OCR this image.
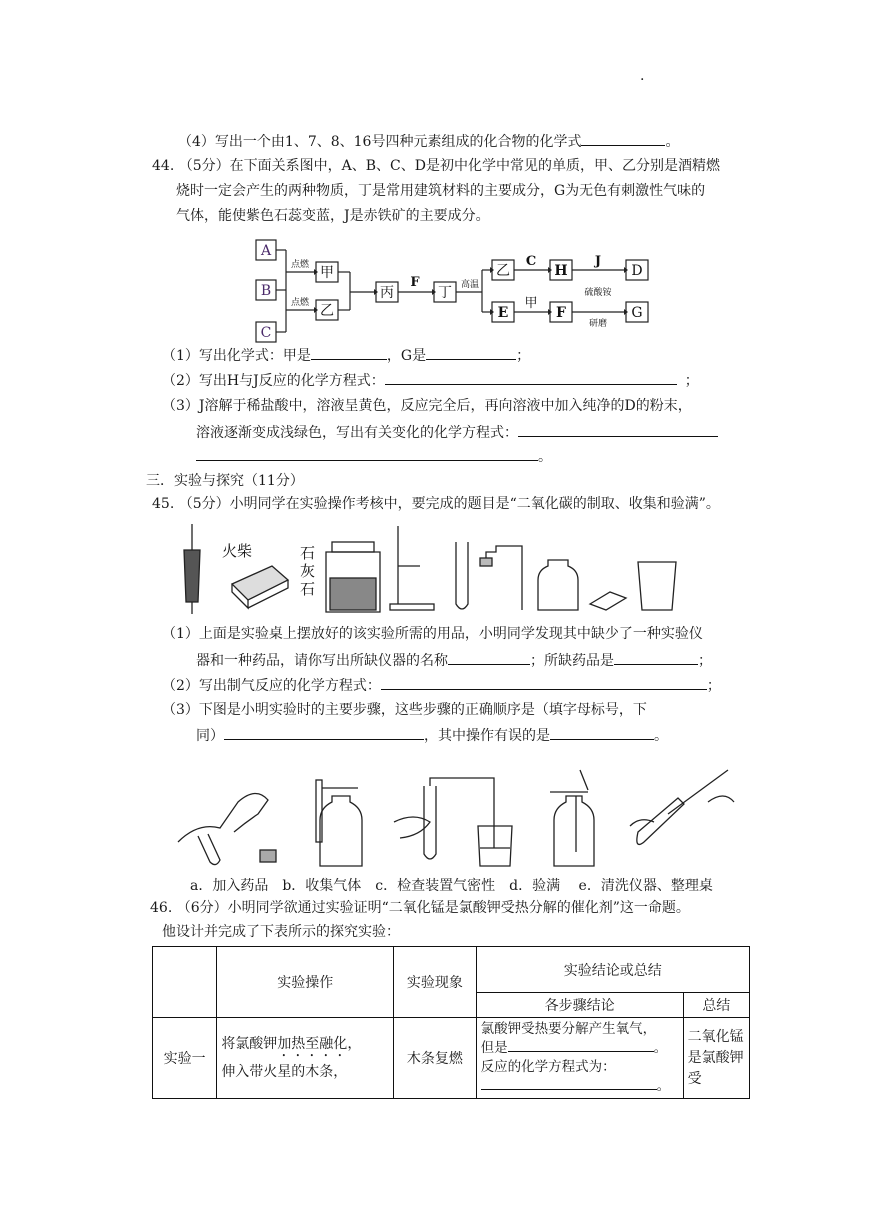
.
（4）写出一个由1、7、8、16号四种元素组成的化合物的化学式	。
44. （5分）在下面关系图中，A、B、C、D是初中化学中常见的单质，甲、乙分别是酒精燃
烧时一定会产生的两种物质，丁是常用建筑材料的主要成分，G为无色有刺激性气味的
气体，能使紫色石蕊变蓝，J是赤铁矿的主要成分。
A
B
C
甲
乙
丙	丁
乙	H	D
E	F	G
点燃
点燃
高温
硫酸铵
研磨
F
C	J
甲
（1）写出化学式：甲是	，G是	；
（2）写出H与J反应的化学方程式：	；
（3）J溶解于稀盐酸中，溶液呈黄色，反应完全后，再向溶液中加入纯净的D的粉末，
溶液逐渐变成浅绿色，写出有关变化的化学方程式：
。
三．实验与探究（11分）
45. （5分）小明同学在实验操作考核中，要完成的题目是“二氧化碳的制取、收集和验满”。
火柴	石
灰
石
（1）上面是实验桌上摆放好的该实验所需的用品，小明同学发现其中缺少了一种实验仪
器和一种药品，请你写出所缺仪器的名称	；所缺药品是	；
（2）写出制气反应的化学方程式：	；
（3）下图是小明实验时的主要步骤，这些步骤的正确顺序是（填字母标号，下
同）	，其中操作有误的是	。
a．加入药品　b．收集气体　c．检查装置气密性　d．验满　 e．清洗仪器、整理桌
46. （6分）小明同学欲通过实验证明“二氧化锰是氯酸钾受热分解的催化剂”这一命题。
他设计并完成了下表所示的探究实验：
	实验操作	实验现象	实验结论或总结	
			各步骤结论	总结
实验一	将氯酸钾加热至融化，
伸入带火星的木条，	木条复燃	氯酸钾受热要分解产生氧气，
但是 。
反应的化学方程式为：
。	二氧化锰是氯酸钾受
